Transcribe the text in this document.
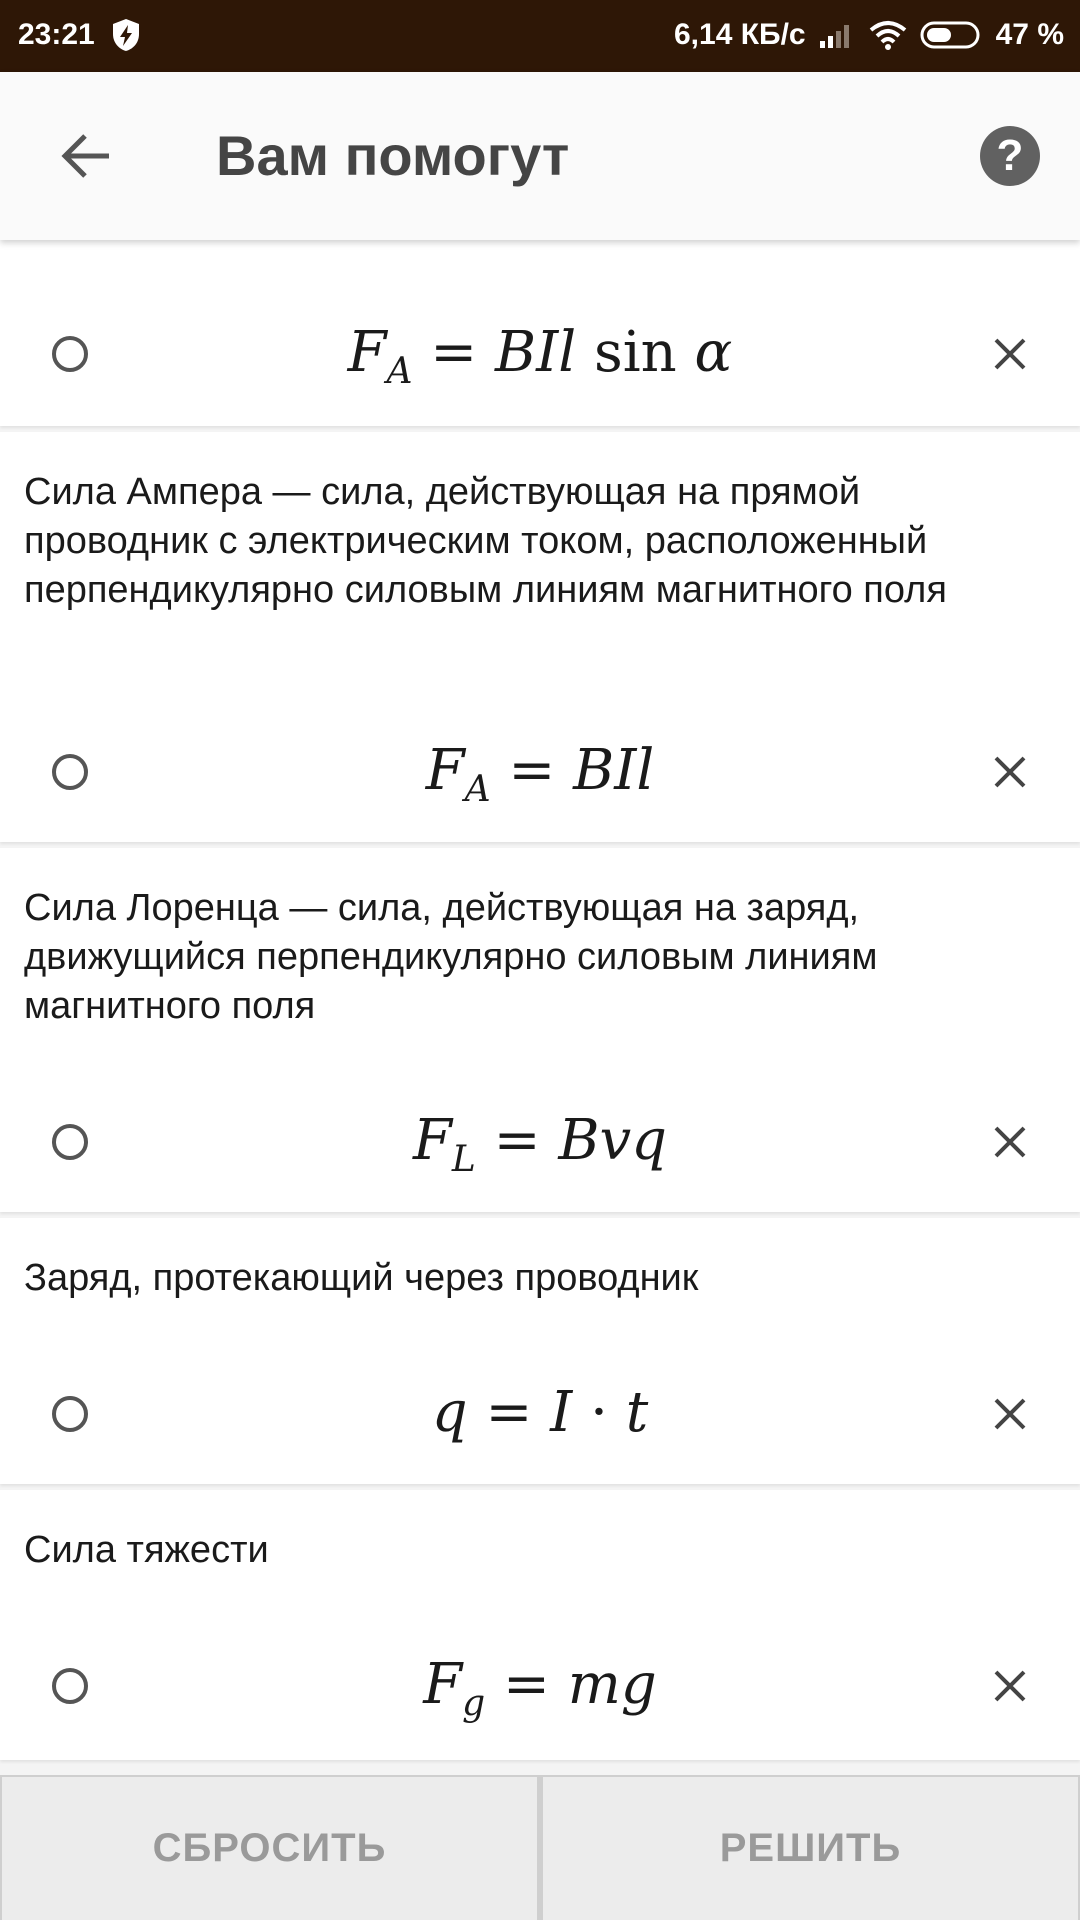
23:21	6,14 КБ/с	47 %
Вам помогут	?
$F_A$ = BIl sin α
Сила Ампера — сила, действующая на прямой проводник с электрическим током, расположенный перпендикулярно силовым линиям магнитного поля
$F_A$ = BIl
Сила Лоренца — сила, действующая на заряд, движущийся перпендикулярно силовым линиям магнитного поля
$F_L$ = Bvq
Заряд, протекающий через проводник
q = I · t
Сила тяжести
$F_g$ = mg
СБРОСИТЬ	РЕШИТЬ
